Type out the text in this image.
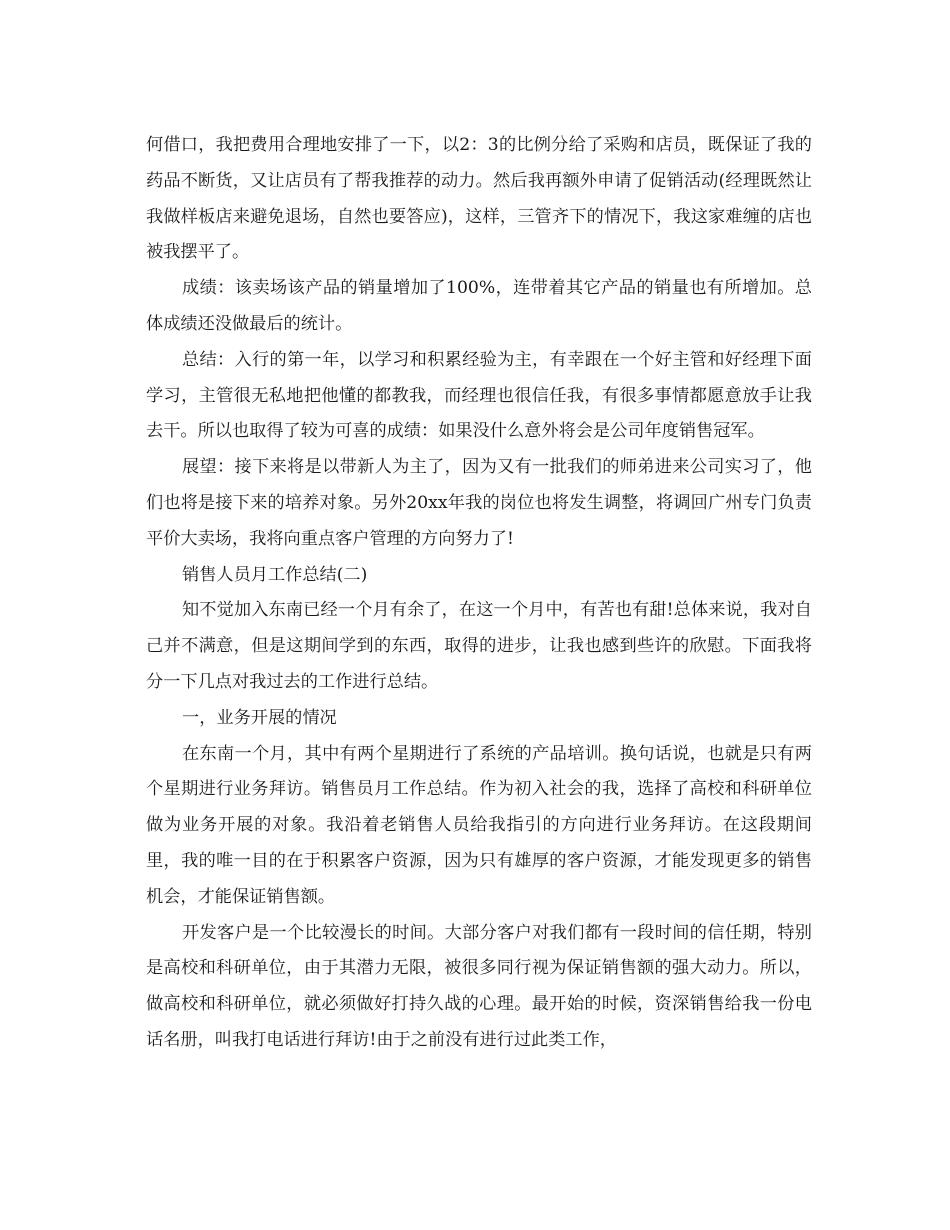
何借口，我把费用合理地安排了一下，以2：3的比例分给了采购和店员，既保证了我的药品不断货，又让店员有了帮我推荐的动力。然后我再额外申请了促销活动(经理既然让我做样板店来避免退场，自然也要答应)，这样，三管齐下的情况下，我这家难缠的店也被我摆平了。

成绩：该卖场该产品的销量增加了100%，连带着其它产品的销量也有所增加。总体成绩还没做最后的统计。

总结：入行的第一年，以学习和积累经验为主，有幸跟在一个好主管和好经理下面学习，主管很无私地把他懂的都教我，而经理也很信任我，有很多事情都愿意放手让我去干。所以也取得了较为可喜的成绩：如果没什么意外将会是公司年度销售冠军。

展望：接下来将是以带新人为主了，因为又有一批我们的师弟进来公司实习了，他们也将是接下来的培养对象。另外20xx年我的岗位也将发生调整，将调回广州专门负责平价大卖场，我将向重点客户管理的方向努力了!

销售人员月工作总结(二)

知不觉加入东南已经一个月有余了，在这一个月中，有苦也有甜!总体来说，我对自己并不满意，但是这期间学到的东西，取得的进步，让我也感到些许的欣慰。下面我将分一下几点对我过去的工作进行总结。

一，业务开展的情况

在东南一个月，其中有两个星期进行了系统的产品培训。换句话说，也就是只有两个星期进行业务拜访。销售员月工作总结。作为初入社会的我，选择了高校和科研单位做为业务开展的对象。我沿着老销售人员给我指引的方向进行业务拜访。在这段期间里，我的唯一目的在于积累客户资源，因为只有雄厚的客户资源，才能发现更多的销售机会，才能保证销售额。

开发客户是一个比较漫长的时间。大部分客户对我们都有一段时间的信任期，特别是高校和科研单位，由于其潜力无限，被很多同行视为保证销售额的强大动力。所以，做高校和科研单位，就必须做好打持久战的心理。最开始的时候，资深销售给我一份电话名册，叫我打电话进行拜访!由于之前没有进行过此类工作，
